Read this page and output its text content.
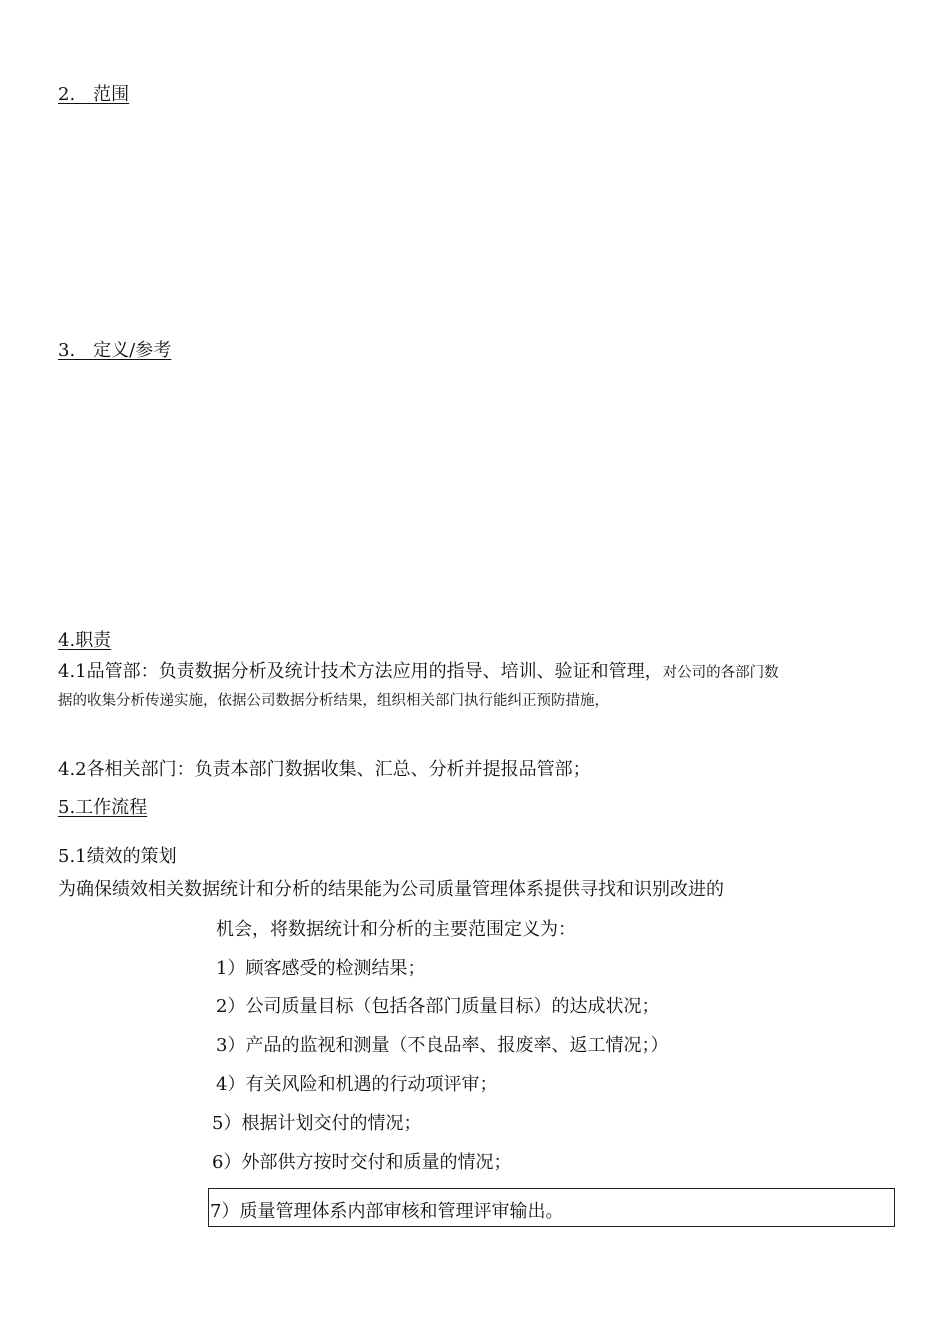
2.　范围
3.　定义/参考
4.职责
4.1品管部：负责数据分析及统计技术方法应用的指导、培训、验证和管理，对公司的各部门数
据的收集分析传递实施，依据公司数据分析结果，组织相关部门执行能纠正预防措施，
4.2各相关部门：负责本部门数据收集、汇总、分析并提报品管部；
5.工作流程
5.1绩效的策划
为确保绩效相关数据统计和分析的结果能为公司质量管理体系提供寻找和识别改进的
机会，将数据统计和分析的主要范围定义为：
1）顾客感受的检测结果；
2）公司质量目标（包括各部门质量目标）的达成状况；
3）产品的监视和测量（不良品率、报废率、返工情况；）
4）有关风险和机遇的行动项评审；
5）根据计划交付的情况；
6）外部供方按时交付和质量的情况；
7）质量管理体系内部审核和管理评审输出。
